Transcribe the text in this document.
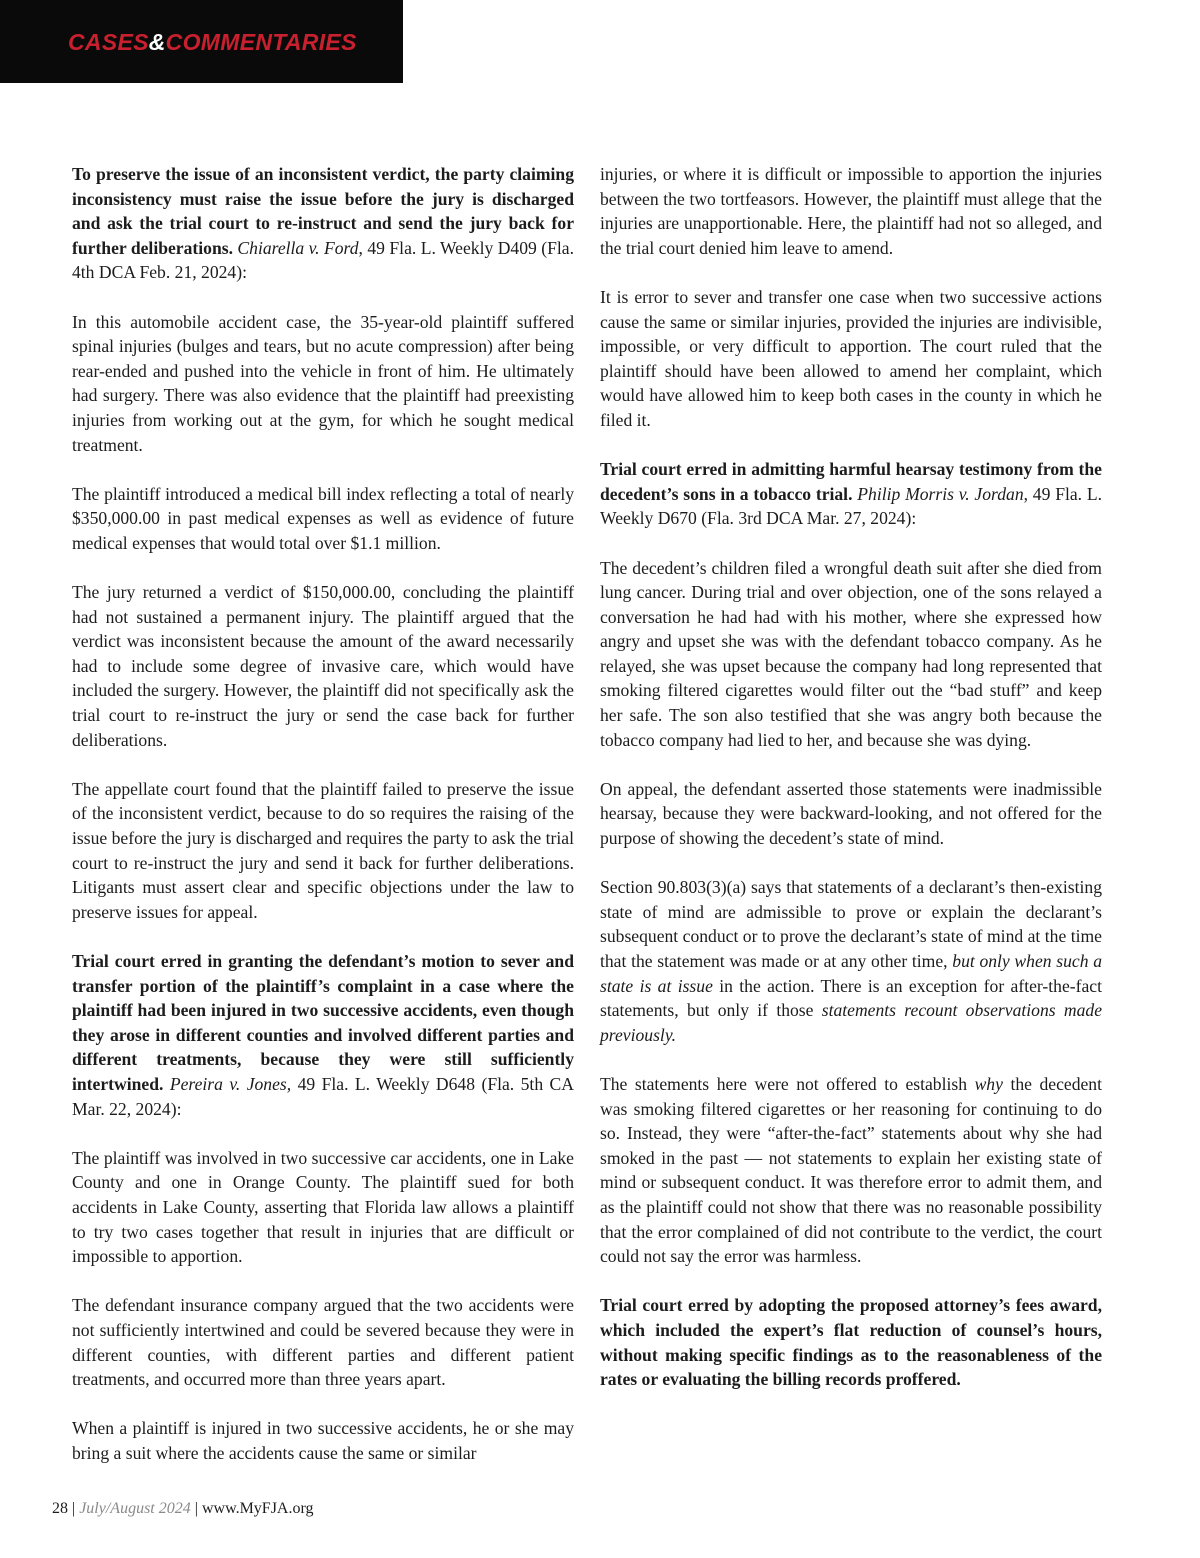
CASES&COMMENTARIES

To preserve the issue of an inconsistent verdict, the party claiming inconsistency must raise the issue before the jury is discharged and ask the trial court to re-instruct and send the jury back for further deliberations. Chiarella v. Ford, 49 Fla. L. Weekly D409 (Fla. 4th DCA Feb. 21, 2024):

In this automobile accident case, the 35-year-old plaintiff suffered spinal injuries (bulges and tears, but no acute compression) after being rear-ended and pushed into the vehicle in front of him. He ultimately had surgery. There was also evidence that the plaintiff had preexisting injuries from working out at the gym, for which he sought medical treatment.

The plaintiff introduced a medical bill index reflecting a total of nearly $350,000.00 in past medical expenses as well as evidence of future medical expenses that would total over $1.1 million.

The jury returned a verdict of $150,000.00, concluding the plaintiff had not sustained a permanent injury. The plaintiff argued that the verdict was inconsistent because the amount of the award necessarily had to include some degree of invasive care, which would have included the surgery. However, the plaintiff did not specifically ask the trial court to re-instruct the jury or send the case back for further deliberations.

The appellate court found that the plaintiff failed to preserve the issue of the inconsistent verdict, because to do so requires the raising of the issue before the jury is discharged and requires the party to ask the trial court to re-instruct the jury and send it back for further deliberations. Litigants must assert clear and specific objections under the law to preserve issues for appeal.

Trial court erred in granting the defendant’s motion to sever and transfer portion of the plaintiff’s complaint in a case where the plaintiff had been injured in two successive accidents, even though they arose in different counties and involved different parties and different treatments, because they were still sufficiently intertwined. Pereira v. Jones, 49 Fla. L. Weekly D648 (Fla. 5th CA Mar. 22, 2024):

The plaintiff was involved in two successive car accidents, one in Lake County and one in Orange County. The plaintiff sued for both accidents in Lake County, asserting that Florida law allows a plaintiff to try two cases together that result in injuries that are difficult or impossible to apportion.

The defendant insurance company argued that the two accidents were not sufficiently intertwined and could be severed because they were in different counties, with different parties and different patient treatments, and occurred more than three years apart.

When a plaintiff is injured in two successive accidents, he or she may bring a suit where the accidents cause the same or similar

injuries, or where it is difficult or impossible to apportion the injuries between the two tortfeasors. However, the plaintiff must allege that the injuries are unapportionable. Here, the plaintiff had not so alleged, and the trial court denied him leave to amend.

It is error to sever and transfer one case when two successive actions cause the same or similar injuries, provided the injuries are indivisible, impossible, or very difficult to apportion. The court ruled that the plaintiff should have been allowed to amend her complaint, which would have allowed him to keep both cases in the county in which he filed it.

Trial court erred in admitting harmful hearsay testimony from the decedent’s sons in a tobacco trial. Philip Morris v. Jordan, 49 Fla. L. Weekly D670 (Fla. 3rd DCA Mar. 27, 2024):

The decedent’s children filed a wrongful death suit after she died from lung cancer. During trial and over objection, one of the sons relayed a conversation he had had with his mother, where she expressed how angry and upset she was with the defendant tobacco company. As he relayed, she was upset because the company had long represented that smoking filtered cigarettes would filter out the “bad stuff” and keep her safe. The son also testified that she was angry both because the tobacco company had lied to her, and because she was dying.

On appeal, the defendant asserted those statements were inadmissible hearsay, because they were backward-looking, and not offered for the purpose of showing the decedent’s state of mind.

Section 90.803(3)(a) says that statements of a declarant’s then-existing state of mind are admissible to prove or explain the declarant’s subsequent conduct or to prove the declarant’s state of mind at the time that the statement was made or at any other time, but only when such a state is at issue in the action. There is an exception for after-the-fact statements, but only if those statements recount observations made previously.

The statements here were not offered to establish why the decedent was smoking filtered cigarettes or her reasoning for continuing to do so. Instead, they were “after-the-fact” statements about why she had smoked in the past — not statements to explain her existing state of mind or subsequent conduct. It was therefore error to admit them, and as the plaintiff could not show that there was no reasonable possibility that the error complained of did not contribute to the verdict, the court could not say the error was harmless.

Trial court erred by adopting the proposed attorney’s fees award, which included the expert’s flat reduction of counsel’s hours, without making specific findings as to the reasonableness of the rates or evaluating the billing records proffered.

28 | July/August 2024 | www.MyFJA.org
